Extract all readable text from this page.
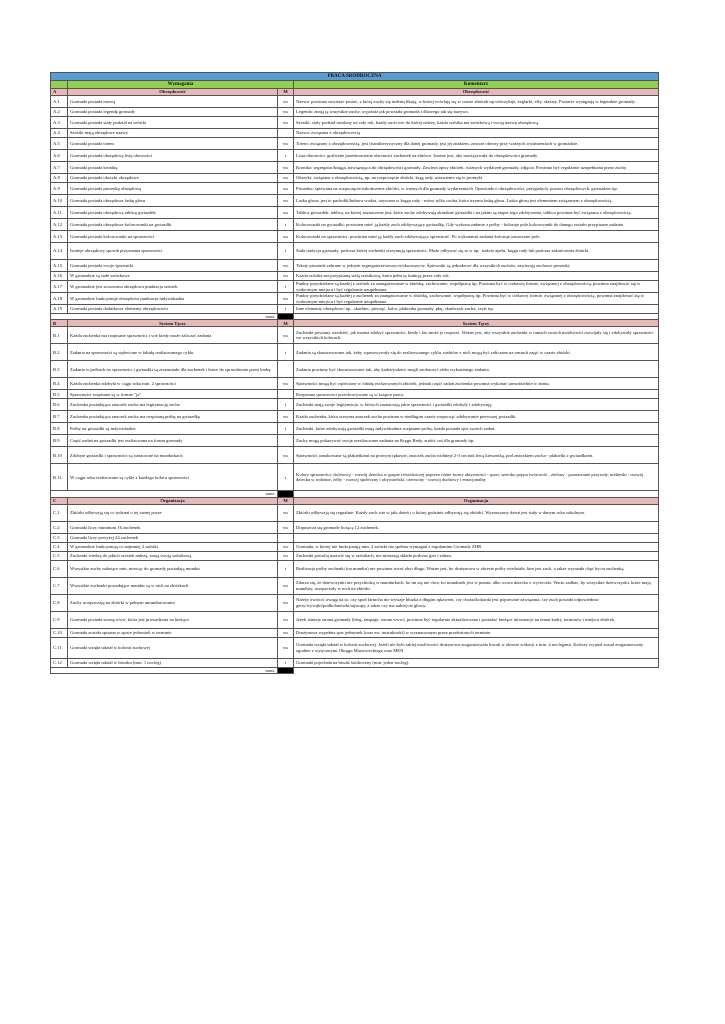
PRACA ŚRÓDROCZNA			
	Wymagania		Komentarz
A	Obrzędowość	M	Obrzędowość
A.1	Gromada posiada nazwę	ws	Nazwa: powinna zawierać postać, z którą zuchy się indentyfikują, w której wcielają się w czasie zbiórek np.włóczykije, żeglarki, elfy, skrzaty. Postacie występują w legendzie gromady.
A.2	Gromada posiada legendę gromady	ws	Legenda: znają ją wszystkie zuchy, wyjaśnia jak powstała gromada i dlaczego tak się nazywa.
A.3	Gromada posiada stały podział na szóstki	ws	Szóstki: stały podział ustalony na cały rok, każdy zuch wie do której należy, każda szóstka ma szóstkową i swoją nazwę obrzędową.
A.4	Szóstki mają obrzędowe nazwy		Nazwa: związana z obrzędowością
A.5	Gromada posiada totem	ws	Totem: związany z obrzędowością, jest charakterystyczny dla danej gromady, jest jej znakiem, zawsze obecny przy ważnych wydarzeniach w gromadzie.
A.6	Gromada posiada obrzędową listę obecności	t	Lista obecności: graficzne przedstawienie obecności zuchenek na zbiórce. Istotne jest, aby nawiązywała do obrzędowości gromady.
A.7	Gromada posiada kronikę	ws	Kronika: segregator/księga, nawiązująca do obrzędowości gromady. Zawiera opisy zbiórek, ważnych wydarzeń gromady, zdjęcia. Powinna być regularnie uzupełniana przez zuchy.
A.8	Gromada posiada okrzyki obrzędowe	ws	Okrzyki: związane z obrzędowością, np. na rozpoczęcie zbiórki, krąg rady, ustawienie się w promyki.
A.9	Gromada posiada piosenkę obrzędową	ws	Piosenka: śpiewana na rozpoczęcie/zakończenie zbiórki, w ważnych dla gromady wydarzeniach. Opowiada o obrzędowości, przygodach, postaci obrzędowych, gromadzie itp.
A.10	Gromada posiada obrzędowe laskę głosu	ws	Laska głosu: jest to pachołik/buława wodza, używana w kręgu rady - mówi tylko osoba, która trzyma laskę głosu. Laska głosu jest elementem związanym z obrzędowością.
A.11	Gromada posiada obrzędową tablicę gwiazdek	ws	Tablica gwiazdek: tablica, na której zaznaczone jest, które zuchy zdobywają aktualnie gwiazdki i na jakim są etapie tego zdobywania, tablica powinna być związana z obrzędowością.
A.12	Gromada posiada obrzędowe kolorowanki na gwiazdki	t	Kolorowanki na gwiazdki: powinien mieć ją każdy zuch zdobywający gwiazdkę. Gdy wykona zadanie z próby - koloruje pole kolorowanki do danego zostało przypisane zadanie.
A.13	Gromada posiada kolorowanki na sprawności	ws	Kolorowanki na sprawności: powinien mieć ją każdy zuch zdobywający sprawność. Po wykonaniu zadania koloruje oznaczone pole.
A.14	Istnieje obrzędowy sposób przyznania sprawności	t	Stała tradycja gromady, podczas której zuchenki otrzymują sprawności. Może odbywać się to w np.. trakcie apelu, kręgu rady lub podczas zakończenia zbiórki.
A.15	Gromada posiada swoje śpiewniki	ws	Teksty piosenek zebrane w jednym segregatorze/zeszycie/skoroszycie. Śpiewniki są jednakowe dla wszystkich zuchów, zawierają zuchowe piosenki.
A.16	W gromadzie są stałe szóstkowe	ws	Każda szóstka ma przypisaną stałą szóstkową, która pełni tę funkcję przez cały rok.
A.17	W gromadzie jest stosowana obrzędowa punktacja szóstek	t	Punkty przydzielane są każdej z szóstek za zaangażowanie w zbiórkę, zachowanie, współpracę itp. Powinna być w ciekawej formie, związanej z obrzędowością, powinna znajdować się w widocznym miejscu i być regularnie uzupełniana.
A.18	W gromadzie funkcjonuje obrzędowa punktacja indywidualna	ws	Punkty przydzielane są każdej z zuchenek za zaangażowanie w zbiórkę, zachowanie, współpracę itp. Powinna być w ciekawej formie, związanej z obrzędowością, powinna znajdować się w widocznym miejscu i być regularnie uzupełniana.
A.19	Gromada posiada dodatkowe elementy obrzędowości	t	Inne elementy obrzędowe: np.. skarbiec, pieczęć, kolor, plakietka gromady, płaj, skarbczyk zucha, szyfr itp.
suma:			
B	System Tęczy	M	System Tęczy
B.1	Każda zuchenka ma rozpisane sprawności i wie kiedy może zaliczać zadania	ws	Zuchenki powinny wiedzieć, jak można zdobyć sprawności, kiedy i kto może je rozpisać. Ważne jest, aby wszystkie zuchenki w ramach swoich możliwości rozwijały się i zdobywały sprawności we wszystkich kolorach.
B.2	Zadania na sprawności są wplecione w fabułę realizowanego cyklu	t	Zadania są skonstruowane tak, żeby wpasowywały się do realizowanego cyklu, niektóre z nich mogą być zaliczane na ramach zajęć w czasie zbiórki.
B.3	Zadania w próbach na sprawności i gwiazdki są zrozumiałe dla zuchenek i łatwe do sprawdzenia przez kadrę		Zadania powinny być skonstruowane tak, aby kadra/rodzice mogli zaobaczyć efekt wykonanego zadania.
B.4	Każda zuchenka zdobyła w ciągu roku min. 2 sprawności	ws	Sprawności mogą być wplecione w fabułę realizowanych zbiórek, jednak część zadań zuchenka powinna wykonać samodzielnie w domu.
B.5	Sprawności rozpisane są w formie "ja"		Rozpisane sprawności przechowywane są w książce pracy.
B.6	Zuchenka posiadająca znaczek zucha ma legitymację zucha	t	Zuchenki mają swoje legitymacje, w których zaznaczają jakie sprawności i gwiazdki zdobyły i zdobywają.
B.7	Zuchenka posiadająca znaczek zucha ma rozpisaną próbę na gwiazdkę	ws	Każda zuchenka, która otrzyma znaczek zucha powinna w niedługim czasie rozpocząć zdobywanie pierwszej gwiazdki.
B.8	Próby na gwiazdki są indywidualne	t	Zuchenki, które zdobywają gwiazdki mają indywidualnie rozpisane próby, każda posiada spis swoich zadań.
B.9	Część zadań na gwiazdki jest realizowana na forum gromady		Zuchy mogą pokazywać swoje zrealizowane zadania na Kręgu Rady, zrobić coś dla gromady itp.
B.10	Zdobyte gwiazdki i sprawności są oznaczone na mundurkach	ws	Sprawności oznakowane są plakietkami na prawym rękawie, znaczek zucha widnieje 2-3 cm nad lewą kieszonką, pod znaczkiem zucha - plakietki z gwiazdkami.
B.11	W ciągu roku realizowane są cykle z każdego koloru sprawności	t	Kolory sprawności: fioletowy - rozwój dziecka w grupie rówieśniczej poprzez różne formy aktywności - sport, szeroko pojęta twórczość , zielony - poznawanie przyrody, niebieski - rozwój dziecka w rodzinie, żółty - rozwój społeczny i obywatelski, czerwony - rozwój duchowy i emocjonalny
suma:			
C	Organizacja	M	Organizacja
C.1	Zbiórki odbywają się co tydzień o tej samej porze	ws	Zbiórki odbywają się regualnie. Każdy zuch wie w jaki dzień i o której godzinie odbywają się zbiórki. Wyznaczony dzień jest stały w danym roku szkolnym.
C.2	Gromada liczy minimum 16 zuchenek	ws	Dopuszcza się gromade liczącą 12 zuchenek.
C.3	Gromada liczy powyżej 24 zuchenek		
C.4	W gromadzie funkcjonują co najmniej 2 szóstki	ws	Gromada, w której nie funkcjonują min. 2 szóstki nie spełnia wymagań z regulaminu Gromady ZHR
C.5	Zuchenki wiedzą do jakich szóstek należą, znają swoją szóstkową	ws	Zuchenki potrafią ustawić się w szóstkach, nie mieszają składu podczas gier i zabaw.
C.6	Wszystkie zuchy należące min. miesiąc do gromady posiadają mundur	t	Realizacja próby zuchenki (na mundur) nie powinna trwać zbyt długo. Ważne jest, by drużynowa w okresie próby wiedziała, kim jest zuch, a także wyrażała chęć bycia zuchenką.
C.7	Wszystkie zuchenki posiadające mundur są w nich na zbiórkach	ws	Zdarza się, że dziewczynki nie przychodzą w mundurkach, bo im się nie chce, bo mundurek jest w praniu, albo wraca dziecko z wycieczki. Warto zadbać, by wszystkie dziewczynki, które mają mundury, uczęszczały w nich na zbiórki.
C.8	Zuchy uczęszczają na zbiórki w pełnym umundurowaniu	ws	Należy zwrócić uwagę na to, czy spod fartucha nie wystaje bluzka z długim rękawem, czy chusta/kokarda jest poprawnie zawiązana, czy zuch posiada odpowiednio: getry/wywijki/podkolanówki/rajstopy, a także czy ma naktrycie głowy.
C.9	Gromada posiada stronę www, która jest prowadzona na bieżąco	ws	Jeżeli istnieje strona gromady (blog, fanpage, strona www), powinna być regularnie aktualizowana i posiadać bieżące informacje na temat kadry, terminów i miejsca zbiórek.
C.10	Gromada została spisana w spisie jednostek w terminie	ws	Drużynowa wypełnia spis jednostek (oraz ew. instruktorki) w wyznaczonym przez przełożonych terminie.
C.11	Gromada wzięła udział w kolonii zuchowej	ws	Gromada wzięła udział w kolonii zuchowej. Jeżeli nie było takiej możliwości drużynowa zorganizowała biwak w okresie wakacji z min. 4 noclegami. Krótszy wyjazd został zorganizowany zgodnie z wytycznymi Okręgu Mazowieckiego oraz MEN
C.12	Gromada wzięła udział w biwaku (min. 1 nocleg)	t	Gromada pojechała na biwak śródroczny (min. jeden nocleg).
suma:			
